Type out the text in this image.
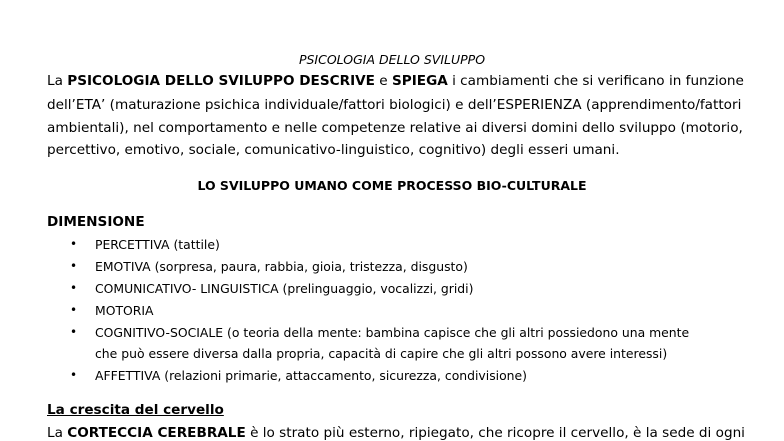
PSICOLOGIA DELLO SVILUPPO
La PSICOLOGIA DELLO SVILUPPO DESCRIVE e SPIEGA i cambiamenti che si verificano in funzione
dell’ETA’ (maturazione psichica individuale/fattori biologici) e dell’ESPERIENZA (apprendimento/fattori
ambientali), nel comportamento e nelle competenze relative ai diversi domini dello sviluppo (motorio,
percettivo, emotivo, sociale, comunicativo-linguistico, cognitivo) degli esseri umani.
LO SVILUPPO UMANO COME PROCESSO BIO-CULTURALE
DIMENSIONE
• PERCETTIVA (tattile)
• EMOTIVA (sorpresa, paura, rabbia, gioia, tristezza, disgusto)
• COMUNICATIVO- LINGUISTICA (prelinguaggio, vocalizzi, gridi)
• MOTORIA
• COGNITIVO-SOCIALE (o teoria della mente: bambina capisce che gli altri possiedono una mente
che può essere diversa dalla propria, capacità di capire che gli altri possono avere interessi)
• AFFETTIVA (relazioni primarie, attaccamento, sicurezza, condivisione)
La crescita del cervello
La CORTECCIA CEREBRALE è lo strato più esterno, ripiegato, che ricopre il cervello, è la sede di ogni
